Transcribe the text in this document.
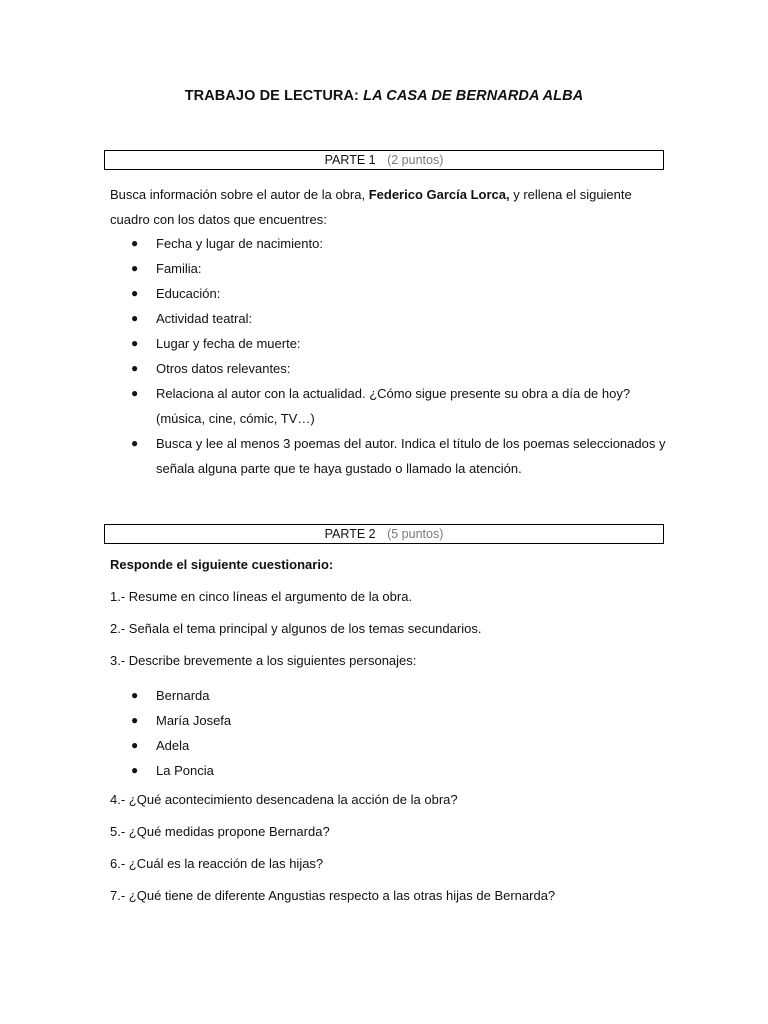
TRABAJO DE LECTURA: LA CASA DE BERNARDA ALBA
PARTE 1 (2 puntos)
Busca información sobre el autor de la obra, Federico García Lorca, y rellena el siguiente cuadro con los datos que encuentres:
●
Fecha y lugar de nacimiento:
●
Familia:
●
Educación:
●
Actividad teatral:
●
Lugar y fecha de muerte:
●
Otros datos relevantes:
●
Relaciona al autor con la actualidad. ¿Cómo sigue presente su obra a día de hoy? (música, cine, cómic, TV…)
●
Busca y lee al menos 3 poemas del autor. Indica el título de los poemas seleccionados y señala alguna parte que te haya gustado o llamado la atención.
PARTE 2 (5 puntos)
Responde el siguiente cuestionario:
1.- Resume en cinco líneas el argumento de la obra.
2.- Señala el tema principal y algunos de los temas secundarios.
3.- Describe brevemente a los siguientes personajes:
●
Bernarda
●
María Josefa
●
Adela
●
La Poncia
4.- ¿Qué acontecimiento desencadena la acción de la obra?
5.- ¿Qué medidas propone Bernarda?
6.- ¿Cuál es la reacción de las hijas?
7.- ¿Qué tiene de diferente Angustias respecto a las otras hijas de Bernarda?
